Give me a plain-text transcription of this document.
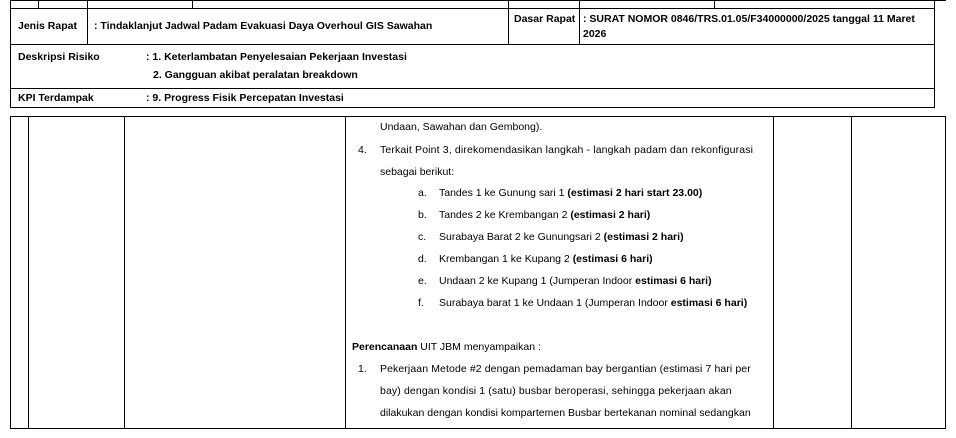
Jenis Rapat : Tindaklanjut Jadwal Padam Evakuasi Daya Overhoul GIS Sawahan
Dasar Rapat : SURAT NOMOR 0846/TRS.01.05/F34000000/2025 tanggal 11 Maret
2026
Deskripsi Risiko	: 1. Keterlambatan Penyelesaian Pekerjaan Investasi
2. Gangguan akibat peralatan breakdown
KPI Terdampak	: 9. Progress Fisik Percepatan Investasi
Undaan, Sawahan dan Gembong).
4. Terkait Point 3, direkomendasikan langkah - langkah padam dan rekonfigurasi
sebagai berikut:
a. Tandes 1 ke Gunung sari 1 (estimasi 2 hari start 23.00)
b. Tandes 2 ke Krembangan 2 (estimasi 2 hari)
c. Surabaya Barat 2 ke Gunungsari 2 (estimasi 2 hari)
d. Krembangan 1 ke Kupang 2 (estimasi 6 hari)
e. Undaan 2 ke Kupang 1 (Jumperan Indoor estimasi 6 hari)
f. Surabaya barat 1 ke Undaan 1 (Jumperan Indoor estimasi 6 hari)
Perencanaan UIT JBM menyampaikan :
1. Pekerjaan Metode #2 dengan pemadaman bay bergantian (estimasi 7 hari per
bay) dengan kondisi 1 (satu) busbar beroperasi, sehingga pekerjaan akan
dilakukan dengan kondisi kompartemen Busbar bertekanan nominal sedangkan
